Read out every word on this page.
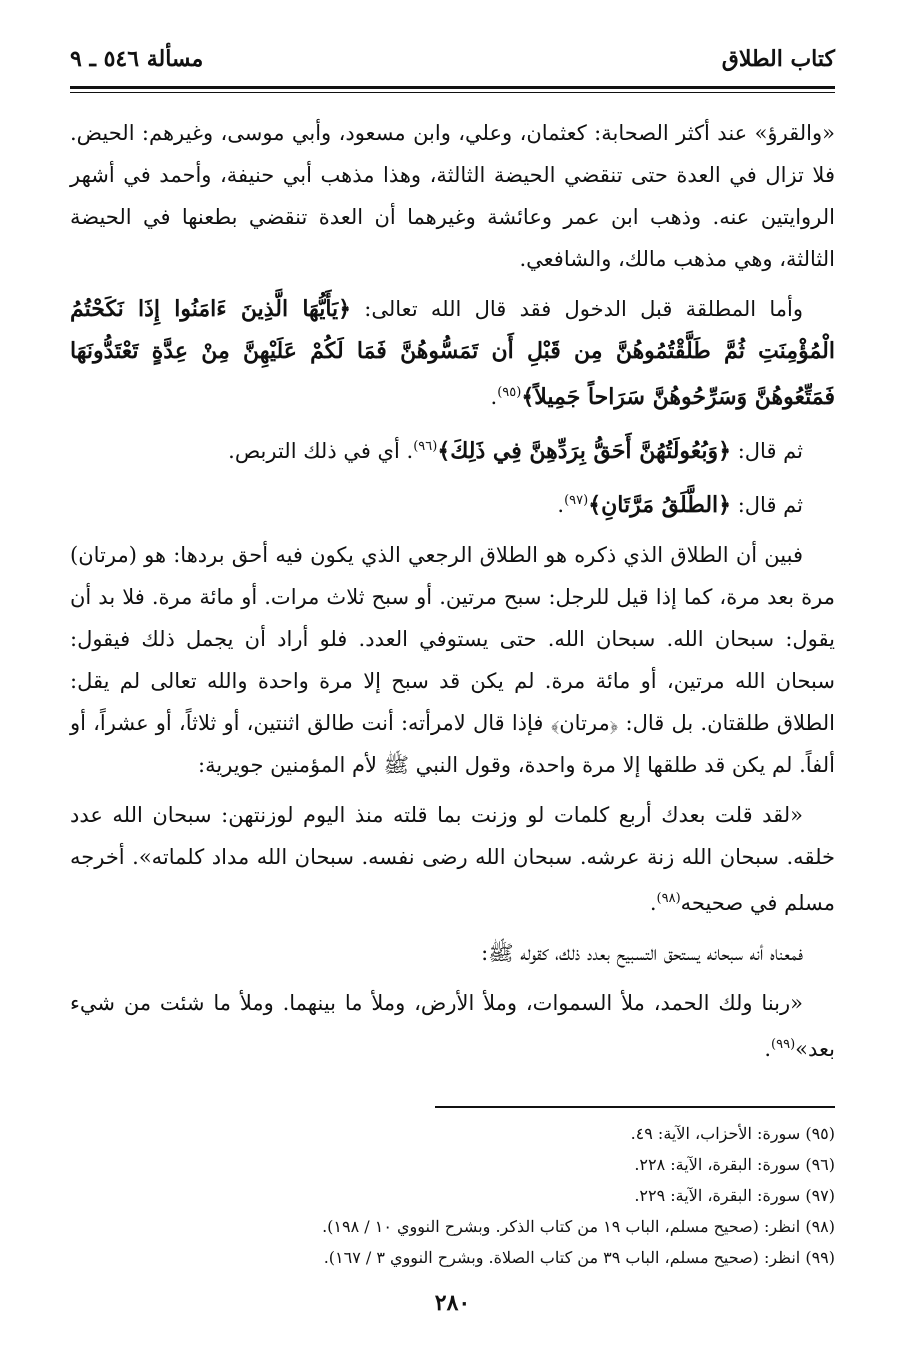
كتاب الطلاق
مسألة ٥٤٦ ـ ٩

«والقرؤ» عند أكثر الصحابة: كعثمان، وعلي، وابن مسعود، وأبي موسى، وغيرهم: الحيض. فلا تزال في العدة حتى تنقضي الحيضة الثالثة، وهذا مذهب أبي حنيفة، وأحمد في أشهر الروايتين عنه. وذهب ابن عمر وعائشة وغيرهما أن العدة تنقضي بطعنها في الحيضة الثالثة، وهي مذهب مالك، والشافعي.

وأما المطلقة قبل الدخول فقد قال الله تعالى: ﴿يَأَيُّهَا الَّذِينَ ءَامَنُوا إِذَا نَكَحْتُمُ الْمُؤْمِنَتِ ثُمَّ طَلَّقْتُمُوهُنَّ مِن قَبْلِ أَن تَمَسُّوهُنَّ فَمَا لَكُمْ عَلَيْهِنَّ مِنْ عِدَّةٍ تَعْتَدُّونَهَا فَمَتِّعُوهُنَّ وَسَرِّحُوهُنَّ سَرَاحاً جَمِيلاً﴾$^{(٩٥)}$.

ثم قال: ﴿وَبُعُولَتُهُنَّ أَحَقُّ بِرَدِّهِنَّ فِي ذَلِكَ﴾$^{(٩٦)}$. أي في ذلك التربص.

ثم قال: ﴿الطَّلَقُ مَرَّتَانِ﴾$^{(٩٧)}$.

فبين أن الطلاق الذي ذكره هو الطلاق الرجعي الذي يكون فيه أحق بردها: هو (مرتان) مرة بعد مرة، كما إذا قيل للرجل: سبح مرتين. أو سبح ثلاث مرات. أو مائة مرة. فلا بد أن يقول: سبحان الله. سبحان الله. حتى يستوفي العدد. فلو أراد أن يجمل ذلك فيقول: سبحان الله مرتين، أو مائة مرة. لم يكن قد سبح إلا مرة واحدة والله تعالى لم يقل: الطلاق طلقتان. بل قال: ﴿مرتان﴾ فإذا قال لامرأته: أنت طالق اثنتين، أو ثلاثاً، أو عشراً، أو ألفاً. لم يكن قد طلقها إلا مرة واحدة، وقول النبي ﷺ لأم المؤمنين جويرية:

«لقد قلت بعدك أربع كلمات لو وزنت بما قلته منذ اليوم لوزنتهن: سبحان الله عدد خلقه. سبحان الله زنة عرشه. سبحان الله رضى نفسه. سبحان الله مداد كلماته». أخرجه مسلم في صحيحه$^{(٩٨)}$.

فمعناه أنه سبحانه يستحق التسبيح بعدد ذلك، كقوله ﷺ:

«ربنا ولك الحمد، ملأ السموات، وملأ الأرض، وملأ ما بينهما. وملأ ما شئت من شيء بعد»$^{(٩٩)}$.

(٩٥) سورة: الأحزاب، الآية: ٤٩.
(٩٦) سورة: البقرة، الآية: ٢٢٨.
(٩٧) سورة: البقرة، الآية: ٢٢٩.
(٩٨) انظر: (صحيح مسلم، الباب ١٩ من كتاب الذكر. وبشرح النووي ١٠ / ١٩٨).
(٩٩) انظر: (صحيح مسلم، الباب ٣٩ من كتاب الصلاة. وبشرح النووي ٣ / ١٦٧).
٢٨٠
